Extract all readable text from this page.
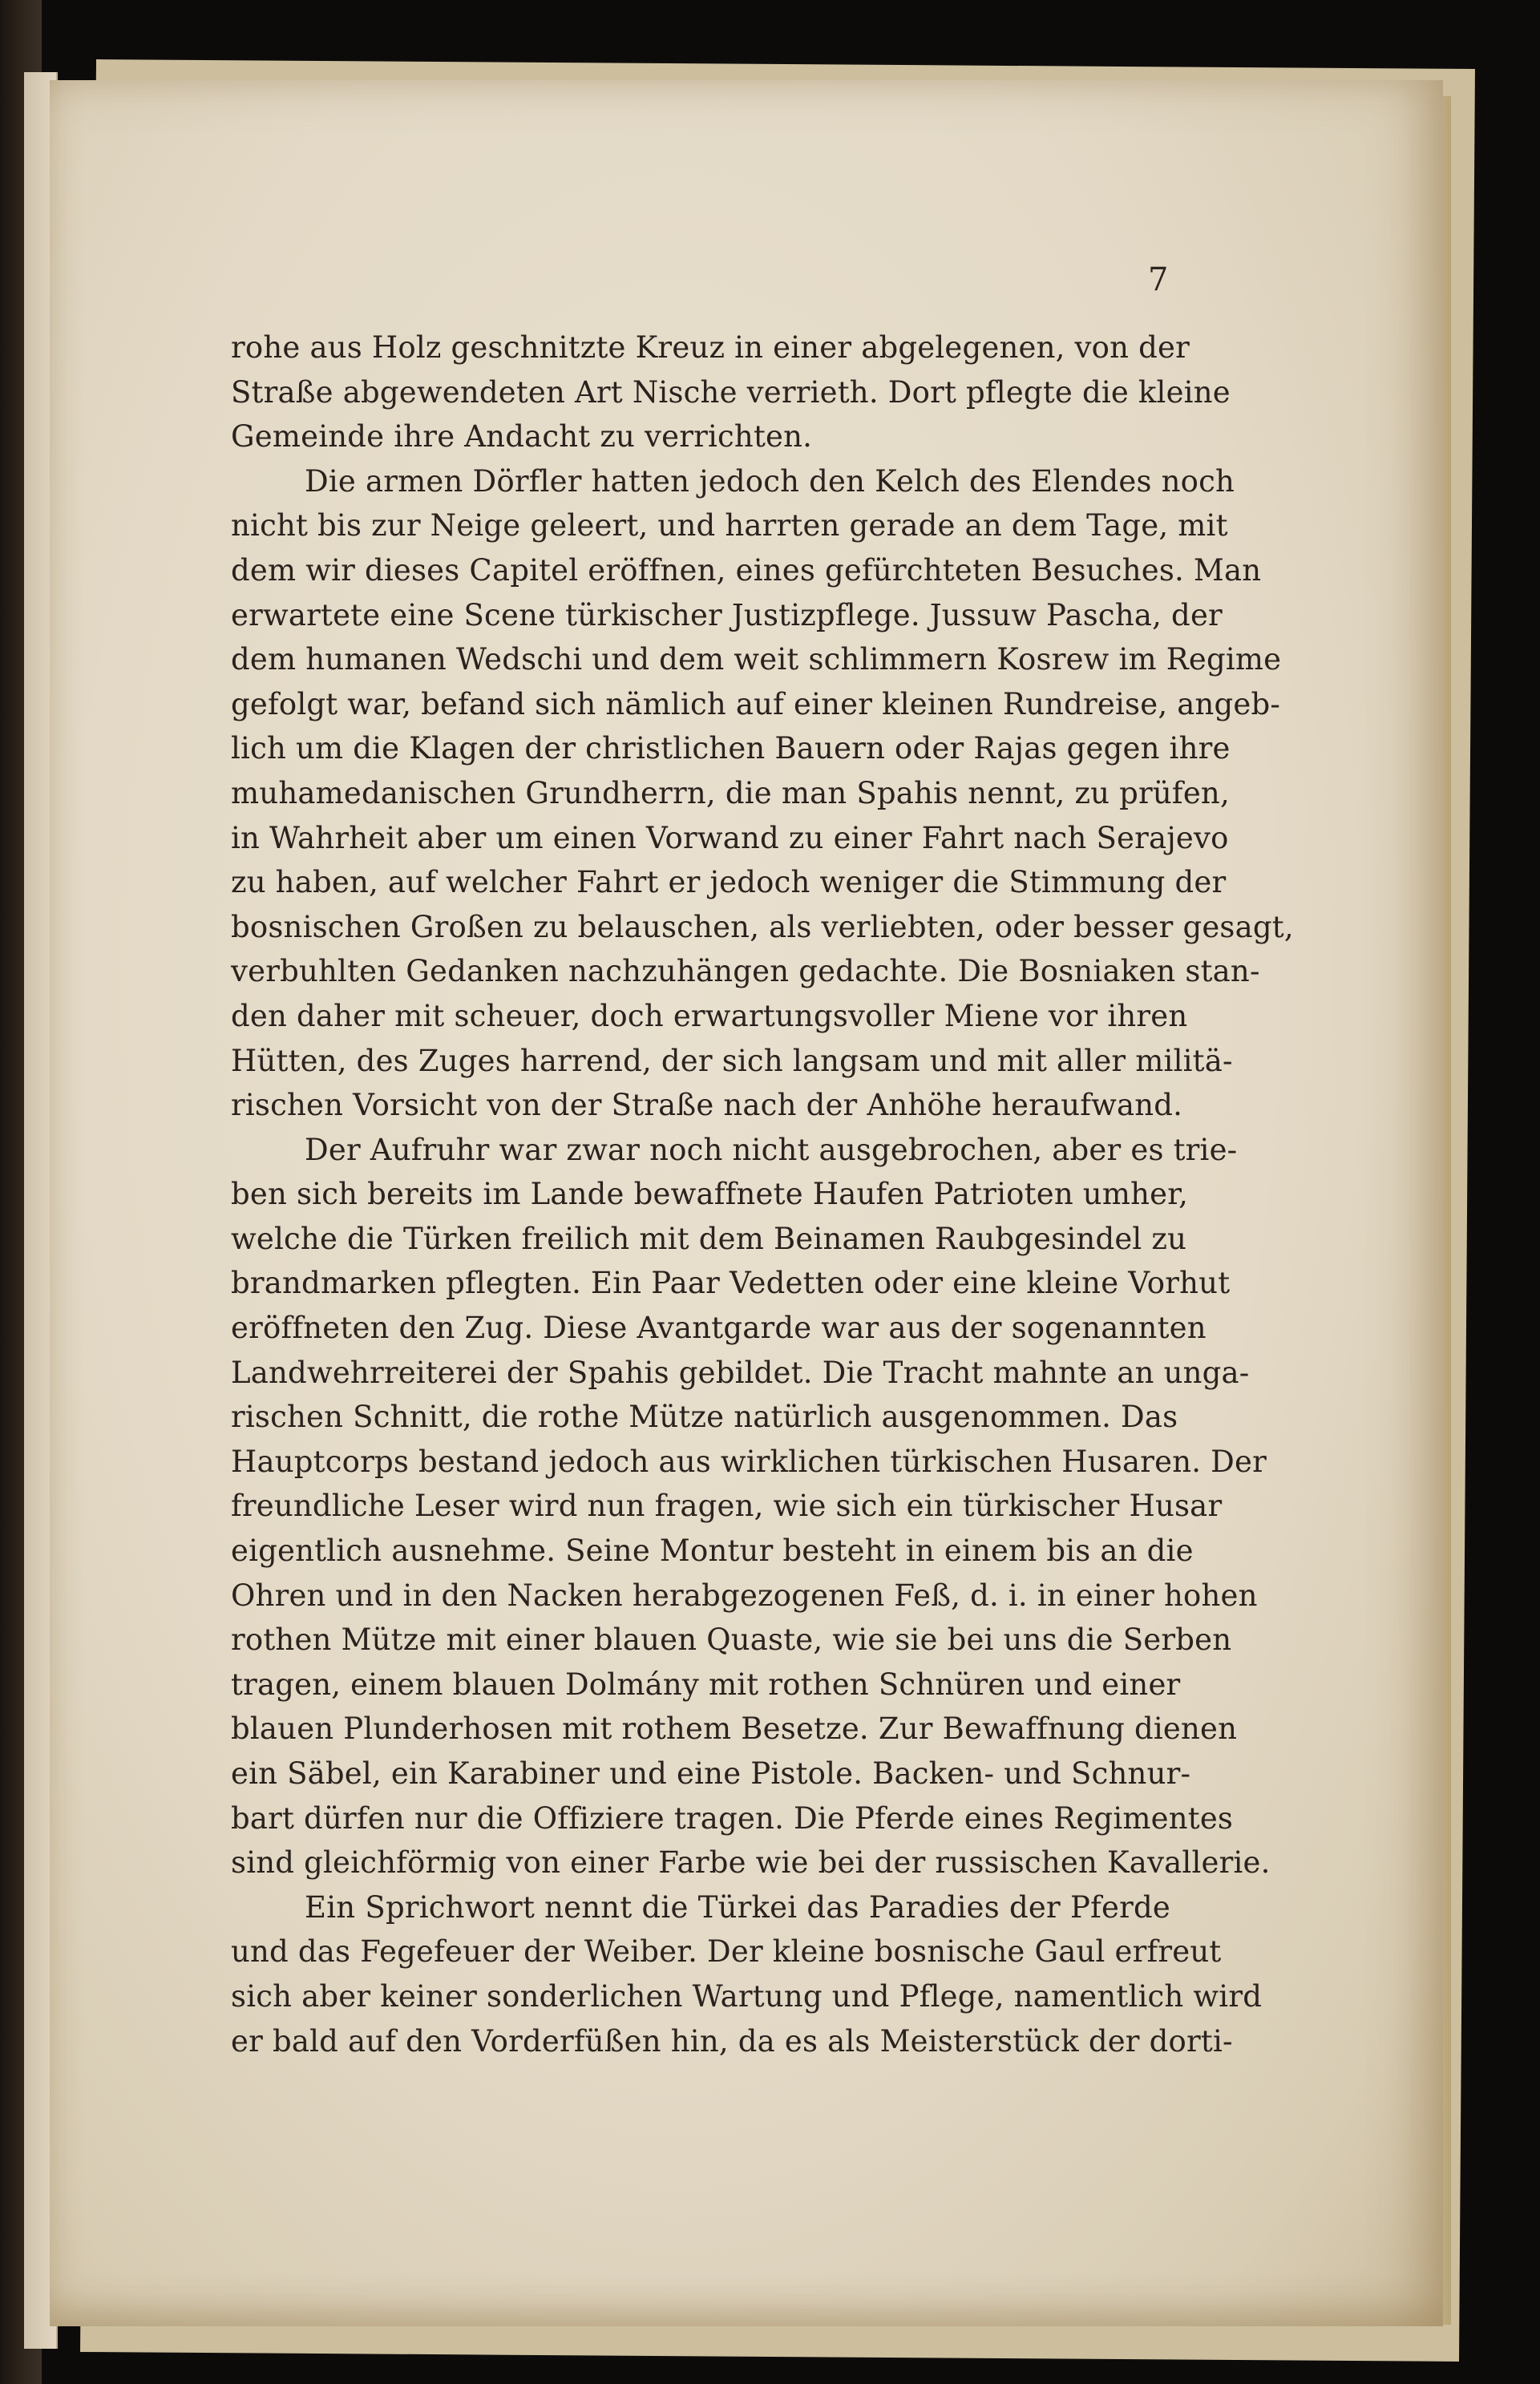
7
rohe aus Holz geschnitzte Kreuz in einer abgelegenen, von der
Straße abgewendeten Art Nische verrieth. Dort pflegte die kleine
Gemeinde ihre Andacht zu verrichten.
Die armen Dörfler hatten jedoch den Kelch des Elendes noch
nicht bis zur Neige geleert, und harrten gerade an dem Tage, mit
dem wir dieses Capitel eröffnen, eines gefürchteten Besuches. Man
erwartete eine Scene türkischer Justizpflege. Jussuw Pascha, der
dem humanen Wedschi und dem weit schlimmern Kosrew im Regime
gefolgt war, befand sich nämlich auf einer kleinen Rundreise, angeb-
lich um die Klagen der christlichen Bauern oder Rajas gegen ihre
muhamedanischen Grundherrn, die man Spahis nennt, zu prüfen,
in Wahrheit aber um einen Vorwand zu einer Fahrt nach Serajevo
zu haben, auf welcher Fahrt er jedoch weniger die Stimmung der
bosnischen Großen zu belauschen, als verliebten, oder besser gesagt,
verbuhlten Gedanken nachzuhängen gedachte. Die Bosniaken stan-
den daher mit scheuer, doch erwartungsvoller Miene vor ihren
Hütten, des Zuges harrend, der sich langsam und mit aller militä-
rischen Vorsicht von der Straße nach der Anhöhe heraufwand.
Der Aufruhr war zwar noch nicht ausgebrochen, aber es trie-
ben sich bereits im Lande bewaffnete Haufen Patrioten umher,
welche die Türken freilich mit dem Beinamen Raubgesindel zu
brandmarken pflegten. Ein Paar Vedetten oder eine kleine Vorhut
eröffneten den Zug. Diese Avantgarde war aus der sogenannten
Landwehrreiterei der Spahis gebildet. Die Tracht mahnte an unga-
rischen Schnitt, die rothe Mütze natürlich ausgenommen. Das
Hauptcorps bestand jedoch aus wirklichen türkischen Husaren. Der
freundliche Leser wird nun fragen, wie sich ein türkischer Husar
eigentlich ausnehme. Seine Montur besteht in einem bis an die
Ohren und in den Nacken herabgezogenen Feß, d. i. in einer hohen
rothen Mütze mit einer blauen Quaste, wie sie bei uns die Serben
tragen, einem blauen Dolmány mit rothen Schnüren und einer
blauen Plunderhosen mit rothem Besetze. Zur Bewaffnung dienen
ein Säbel, ein Karabiner und eine Pistole. Backen- und Schnur-
bart dürfen nur die Offiziere tragen. Die Pferde eines Regimentes
sind gleichförmig von einer Farbe wie bei der russischen Kavallerie.
Ein Sprichwort nennt die Türkei das Paradies der Pferde
und das Fegefeuer der Weiber. Der kleine bosnische Gaul erfreut
sich aber keiner sonderlichen Wartung und Pflege, namentlich wird
er bald auf den Vorderfüßen hin, da es als Meisterstück der dorti-
